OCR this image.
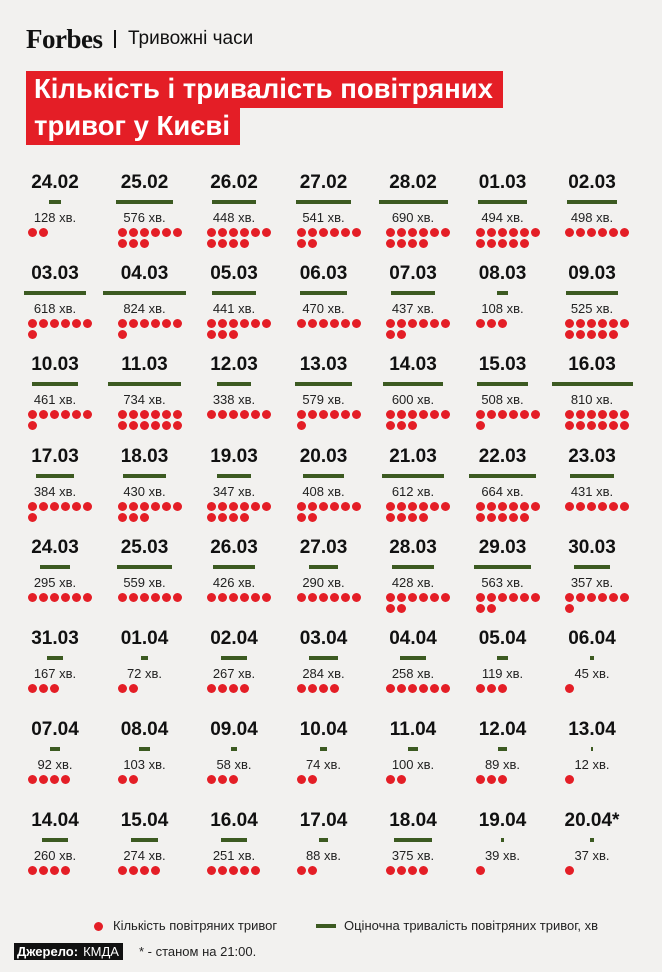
Forbes Тривожні часи
Кількість і тривалість повітряних
тривог у Києві
24.02
128 хв.
25.02
576 хв.
26.02
448 хв.
27.02
541 хв.
28.02
690 хв.
01.03
494 хв.
02.03
498 хв.
03.03
618 хв.
04.03
824 хв.
05.03
441 хв.
06.03
470 хв.
07.03
437 хв.
08.03
108 хв.
09.03
525 хв.
10.03
461 хв.
11.03
734 хв.
12.03
338 хв.
13.03
579 хв.
14.03
600 хв.
15.03
508 хв.
16.03
810 хв.
17.03
384 хв.
18.03
430 хв.
19.03
347 хв.
20.03
408 хв.
21.03
612 хв.
22.03
664 хв.
23.03
431 хв.
24.03
295 хв.
25.03
559 хв.
26.03
426 хв.
27.03
290 хв.
28.03
428 хв.
29.03
563 хв.
30.03
357 хв.
31.03
167 хв.
01.04
72 хв.
02.04
267 хв.
03.04
284 хв.
04.04
258 хв.
05.04
119 хв.
06.04
45 хв.
07.04
92 хв.
08.04
103 хв.
09.04
58 хв.
10.04
74 хв.
11.04
100 хв.
12.04
89 хв.
13.04
12 хв.
14.04
260 хв.
15.04
274 хв.
16.04
251 хв.
17.04
88 хв.
18.04
375 хв.
19.04
39 хв.
20.04*
37 хв.
Кількість повітряних тривог	Оціночна тривалість повітряних тривог, хв
Джерело: КМДА	* - станом на 21:00.
